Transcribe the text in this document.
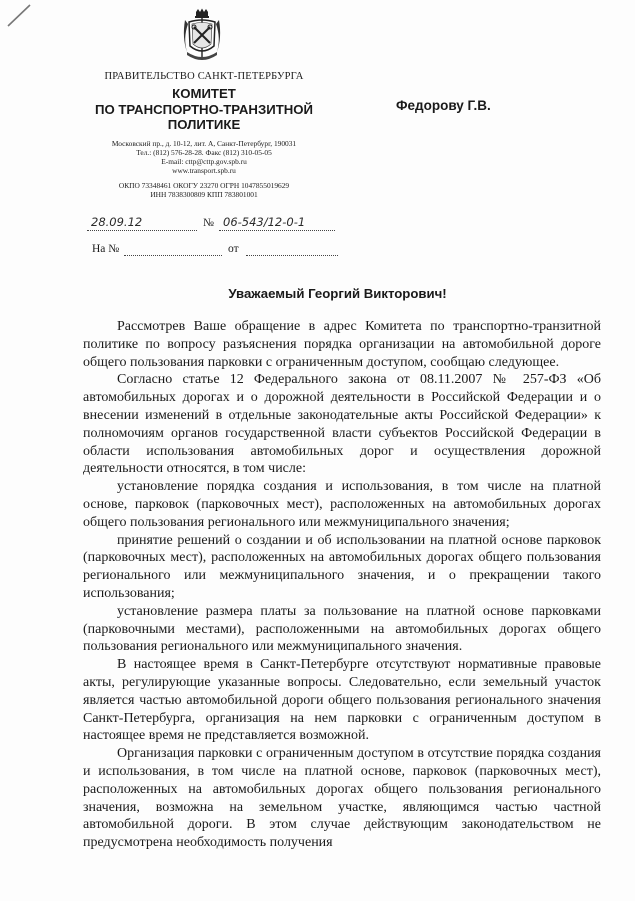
ПРАВИТЕЛЬСТВО САНКТ-ПЕТЕРБУРГА
КОМИТЕТ
ПО ТРАНСПОРТНО-ТРАНЗИТНОЙ
ПОЛИТИКЕ
Московский пр., д. 10-12, лит. А, Санкт-Петербург, 190031
Тел.: (812) 576-28-28. Факс (812) 310-05-05
E-mail: cttp@cttp.gov.spb.ru
www.transport.spb.ru
ОКПО 73348461 ОКОГУ 23270 ОГРН 1047855019629
ИНН 7838300809 КПП 783801001
Федорову Г.В.
28.09.12	№ 06-543/12-0-1
На №	от
Уважаемый Георгий Викторович!

Рассмотрев Ваше обращение в адрес Комитета по транспортно-транзитной политике по вопросу разъяснения порядка организации на автомобильной дороге общего пользования парковки с ограниченным доступом, сообщаю следующее.

Согласно статье 12 Федерального закона от 08.11.2007 № 257-ФЗ «Об автомобильных дорогах и о дорожной деятельности в Российской Федерации и о внесении изменений в отдельные законодательные акты Российской Федерации» к полномочиям органов государственной власти субъектов Российской Федерации в области использования автомобильных дорог и осуществления дорожной деятельности относятся, в том числе:

установление порядка создания и использования, в том числе на платной основе, парковок (парковочных мест), расположенных на автомобильных дорогах общего пользования регионального или межмуниципального значения;

принятие решений о создании и об использовании на платной основе парковок (парковочных мест), расположенных на автомобильных дорогах общего пользования регионального или межмуниципального значения, и о прекращении такого использования;

установление размера платы за пользование на платной основе парковками (парковочными местами), расположенными на автомобильных дорогах общего пользования регионального или межмуниципального значения.

В настоящее время в Санкт-Петербурге отсутствуют нормативные правовые акты, регулирующие указанные вопросы. Следовательно, если земельный участок является частью автомобильной дороги общего пользования регионального значения Санкт-Петербурга, организация на нем парковки с ограниченным доступом в настоящее время не представляется возможной.

Организация парковки с ограниченным доступом в отсутствие порядка создания и использования, в том числе на платной основе, парковок (парковочных мест), расположенных на автомобильных дорогах общего пользования регионального значения, возможна на земельном участке, являющимся частью частной автомобильной дороги. В этом случае действующим законодательством не предусмотрена необходимость получения
